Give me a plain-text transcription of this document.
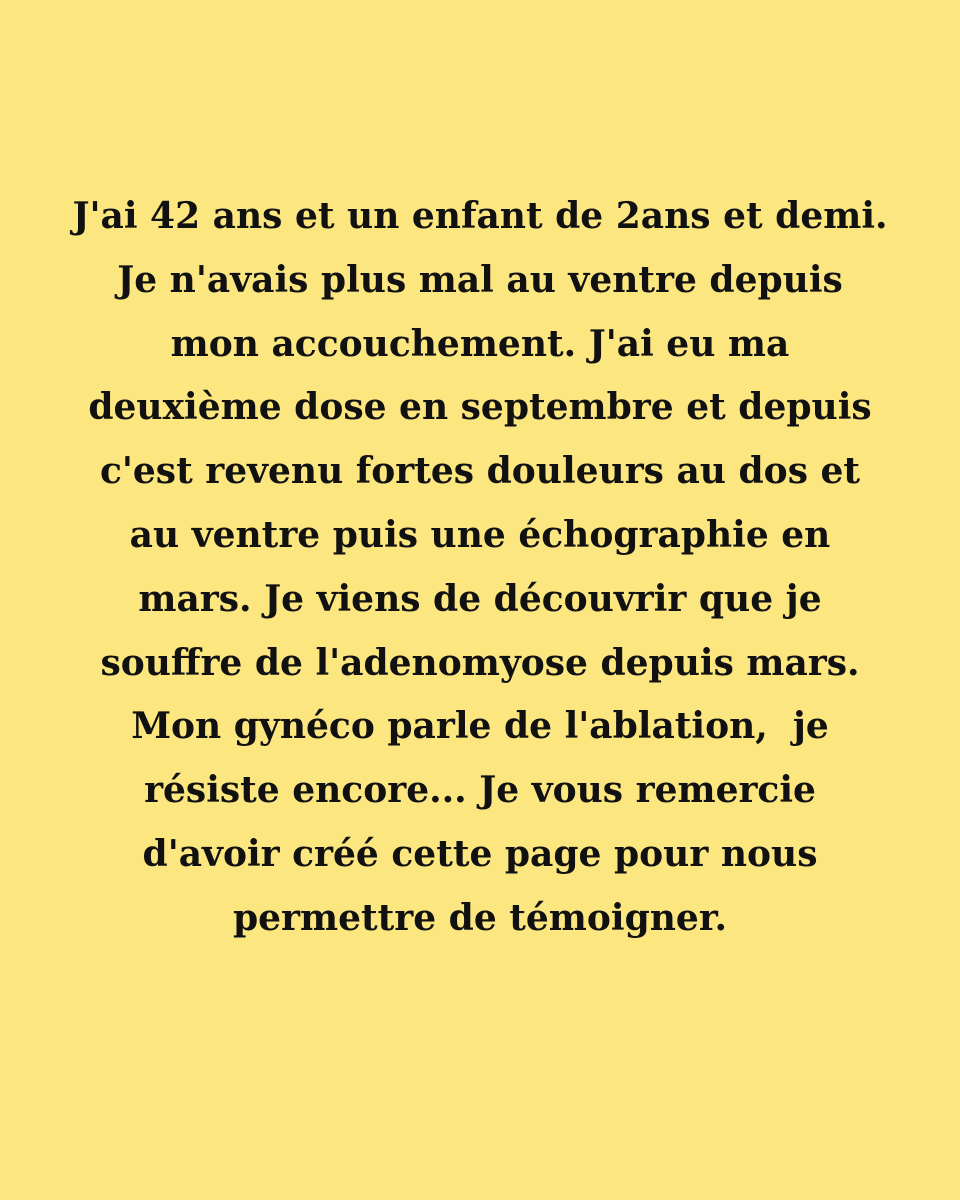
J'ai 42 ans et un enfant de 2ans et demi.
Je n'avais plus mal au ventre depuis
mon accouchement. J'ai eu ma
deuxième dose en septembre et depuis
c'est revenu fortes douleurs au dos et
au ventre puis une échographie en
mars. Je viens de découvrir que je
souffre de l'adenomyose depuis mars.
Mon gynéco parle de l'ablation,  je
résiste encore... Je vous remercie
d'avoir créé cette page pour nous
permettre de témoigner.
